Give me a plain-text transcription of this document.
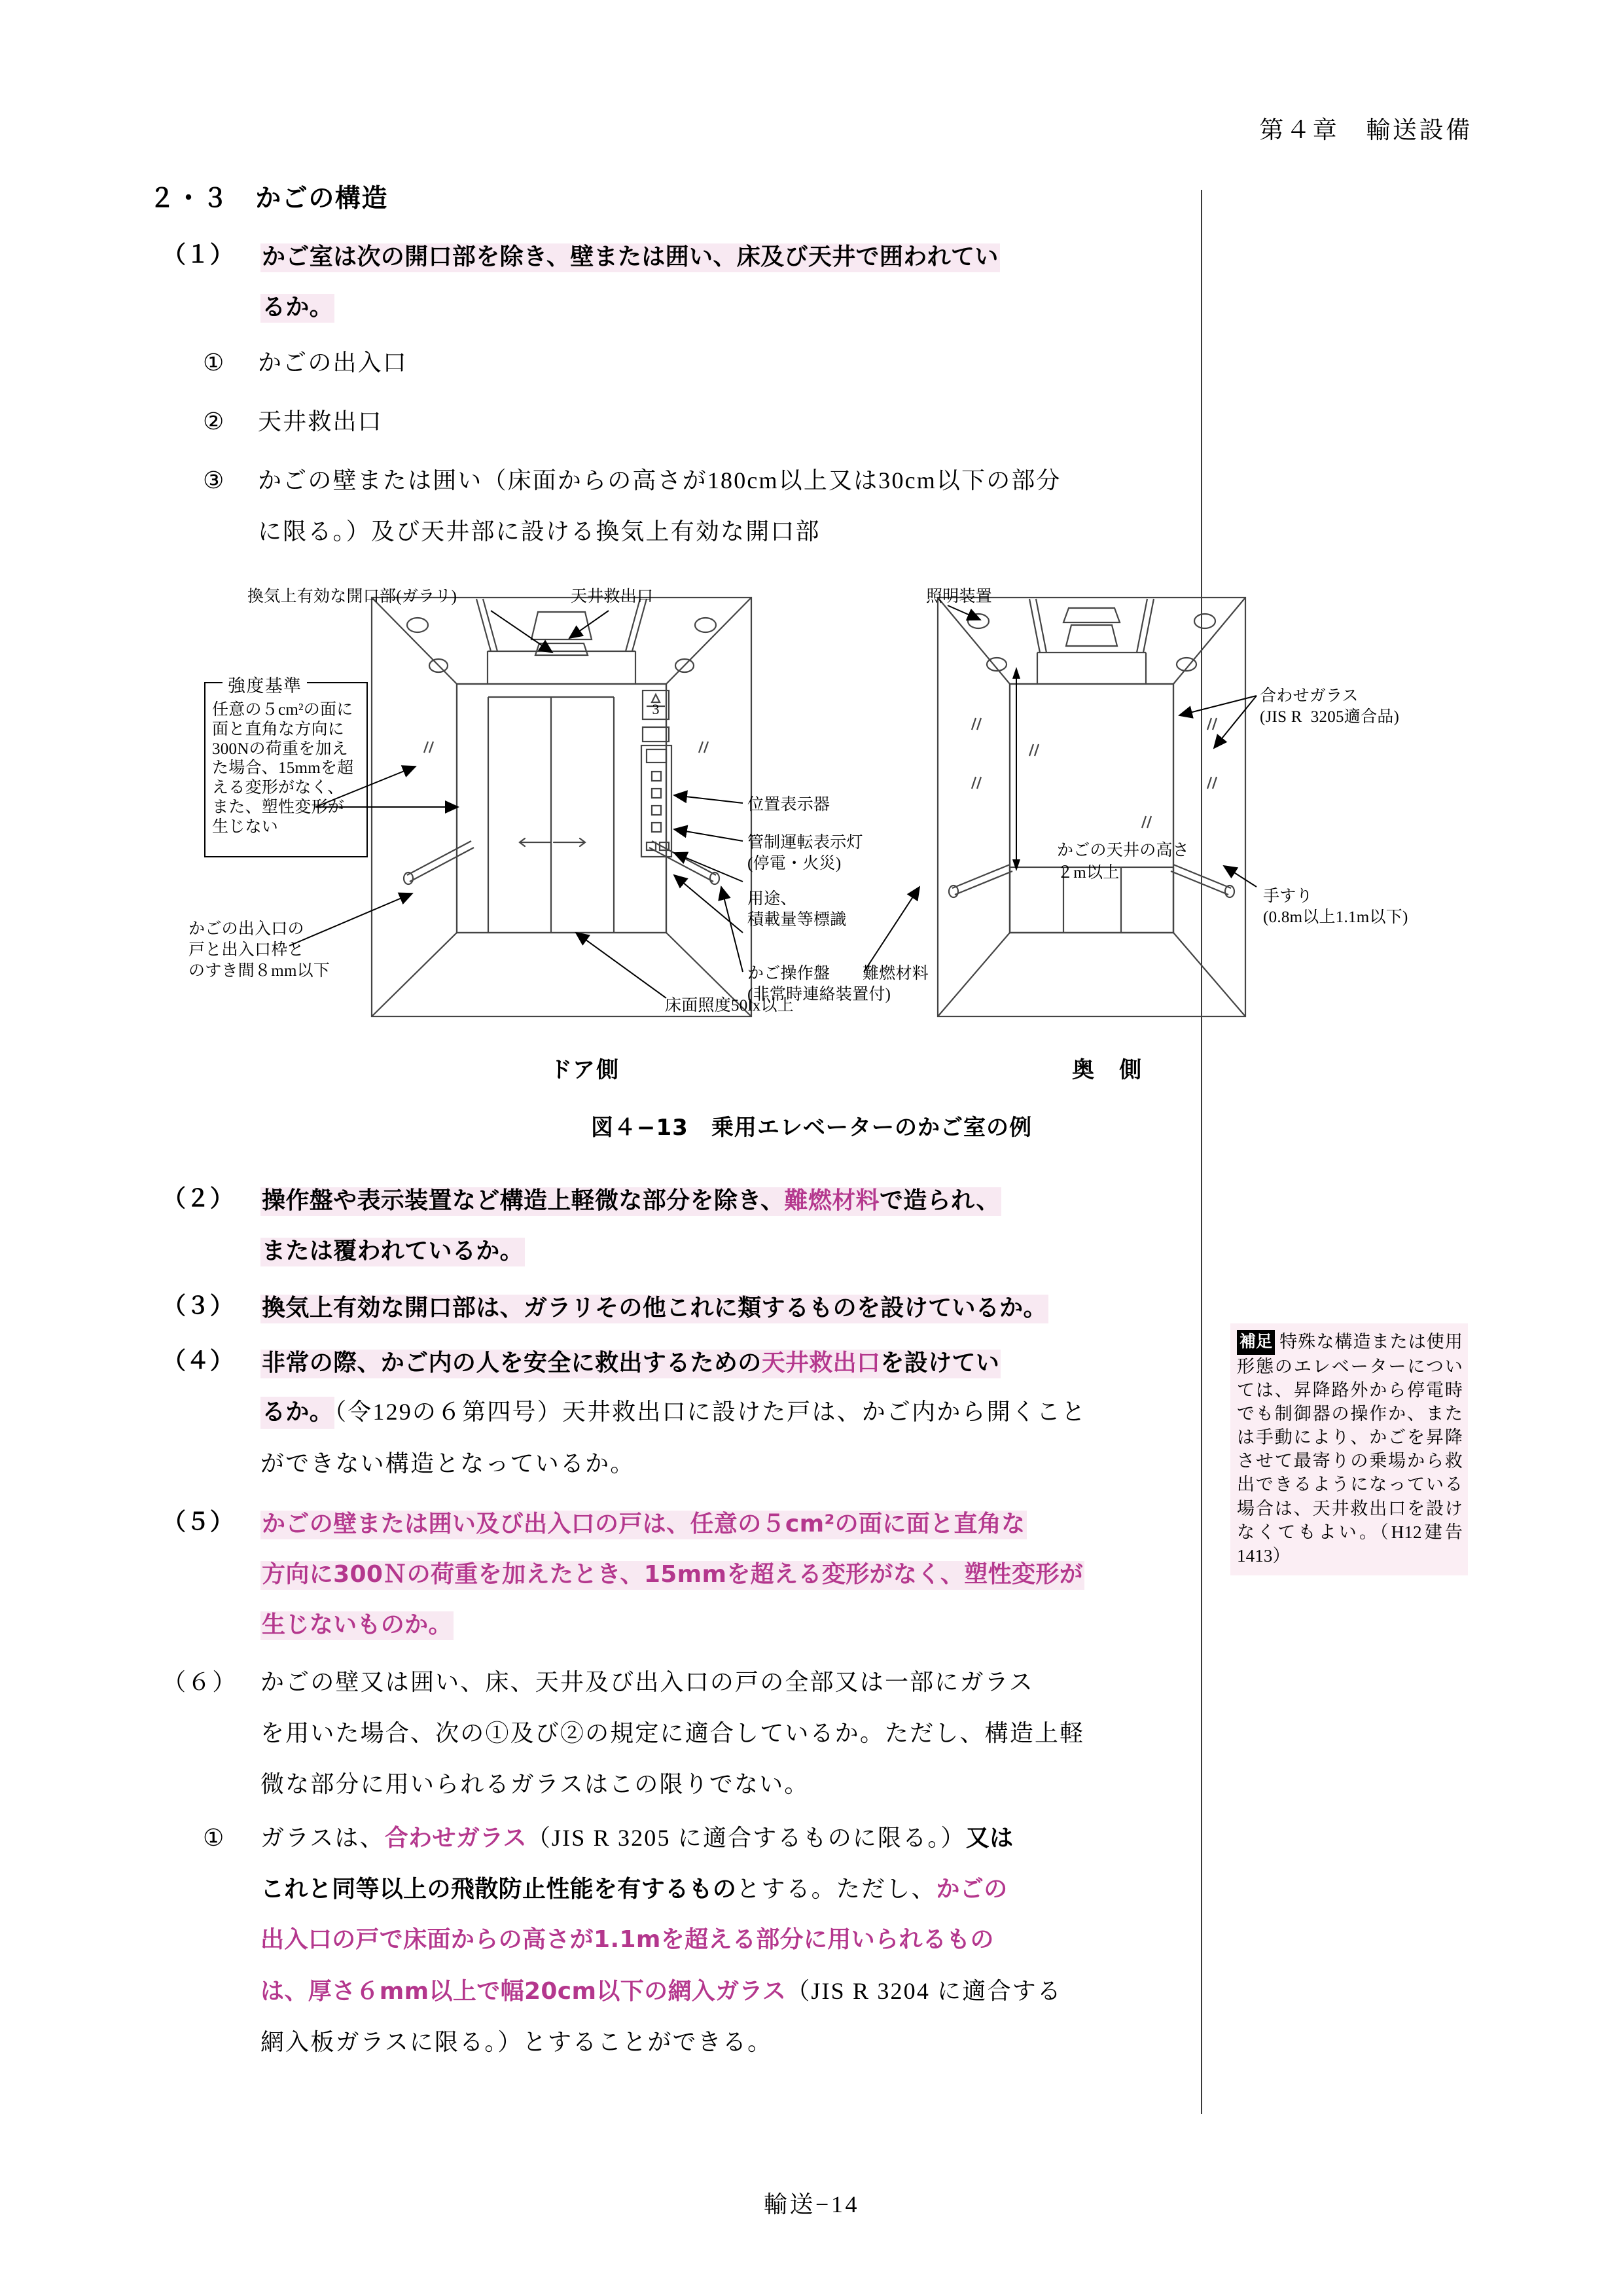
第４章　輸送設備
２・３　かごの構造
（１） かご室は次の開口部を除き、壁または囲い、床及び天井で囲われてい
るか。
① かごの出入口
② 天井救出口
③ かごの壁または囲い（床面からの高さが180cm以上又は30cm以下の部分
に限る。）及び天井部に設ける換気上有効な開口部
3
任意の５cm²の面に
面と直角な方向に
300Nの荷重を加え
た場合、15mmを超
える変形がなく、
また、塑性変形が
生じない
強度基準
換気上有効な開口部(ガラリ)	天井救出口	照明装置
位置表示器
管制運転表示灯
(停電・火災)
用途、
積載量等標識
かご操作盤
(非常時連絡装置付)
かごの出入口の
戸と出入口枠と
のすき間８mm以下
床面照度50lx以上
難燃材料
合わせガラス
(JIS R  3205適合品)
かごの天井の高さ
２m以上
手すり
(0.8m以上1.1m以下)
ドア側	奥　側
図４−13　乗用エレベーターのかご室の例
（２） 操作盤や表示装置など構造上軽微な部分を除き、難燃材料で造られ、
または覆われているか。
（３） 換気上有効な開口部は、ガラリその他これに類するものを設けているか。
（４） 非常の際、かご内の人を安全に救出するための天井救出口を設けてい
るか。（令129の６第四号）天井救出口に設けた戸は、かご内から開くこと
ができない構造となっているか。
（５） かごの壁または囲い及び出入口の戸は、任意の５cm²の面に面と直角な
方向に300Ｎの荷重を加えたとき、15mmを超える変形がなく、塑性変形が
生じないものか。
（６） かごの壁又は囲い、床、天井及び出入口の戸の全部又は一部にガラス
を用いた場合、次の①及び②の規定に適合しているか。ただし、構造上軽
微な部分に用いられるガラスはこの限りでない。
① ガラスは、合わせガラス（JIS R 3205 に適合するものに限る。）又は
これと同等以上の飛散防止性能を有するものとする。ただし、かごの
出入口の戸で床面からの高さが1.1mを超える部分に用いられるもの
は、厚さ６mm以上で幅20cm以下の網入ガラス（JIS R 3204 に適合する
網入板ガラスに限る。）とすることができる。
補足 特殊な構造または使用形態のエレベーターについては、昇降路外から停電時でも制御器の操作か、または手動により、かごを昇降させて最寄りの乗場から救出できるようになっている場合は、天井救出口を設けなくてもよい。（H12建告1413）
輸送−14
